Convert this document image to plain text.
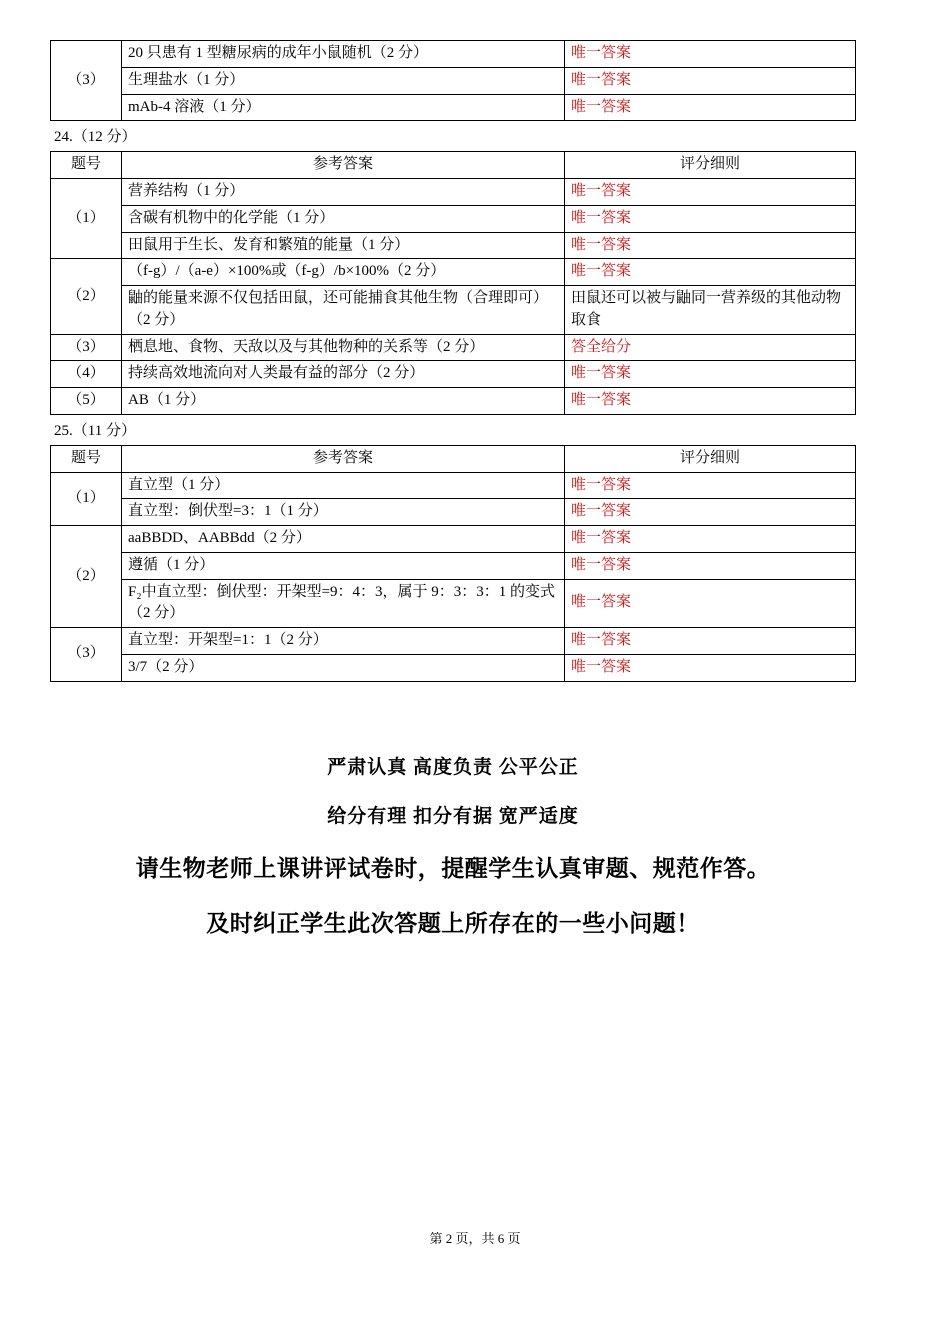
（3）	20 只患有 1 型糖尿病的成年小鼠随机（2 分）	唯一答案
	生理盐水（1 分）	唯一答案
	mAb-4 溶液（1 分）	唯一答案
24.（12 分）
题号	参考答案	评分细则
（1）	营养结构（1 分）	唯一答案
	含碳有机物中的化学能（1 分）	唯一答案
	田鼠用于生长、发育和繁殖的能量（1 分）	唯一答案
（2）	（f-g）/（a-e）×100%或（f-g）/b×100%（2 分）	唯一答案
	鼬的能量来源不仅包括田鼠，还可能捕食其他生物（合理即可）（2 分）	田鼠还可以被与鼬同一营养级的其他动物取食
（3）	栖息地、食物、天敌以及与其他物种的关系等（2 分）	答全给分
（4）	持续高效地流向对人类最有益的部分（2 分）	唯一答案
（5）	AB（1 分）	唯一答案
25.（11 分）
题号	参考答案	评分细则
（1）	直立型（1 分）	唯一答案
	直立型：倒伏型=3：1（1 分）	唯一答案
（2）	aaBBDD、AABBdd（2 分）	唯一答案
	遵循（1 分）	唯一答案
	F₂中直立型：倒伏型：开架型=9：4：3，属于 9：3：3：1 的变式（2 分）	唯一答案
（3）	直立型：开架型=1：1（2 分）	唯一答案
	3/7（2 分）	唯一答案
严肃认真 高度负责 公平公正
给分有理 扣分有据 宽严适度
请生物老师上课讲评试卷时，提醒学生认真审题、规范作答。
及时纠正学生此次答题上所存在的一些小问题！
第 2 页，共 6 页
